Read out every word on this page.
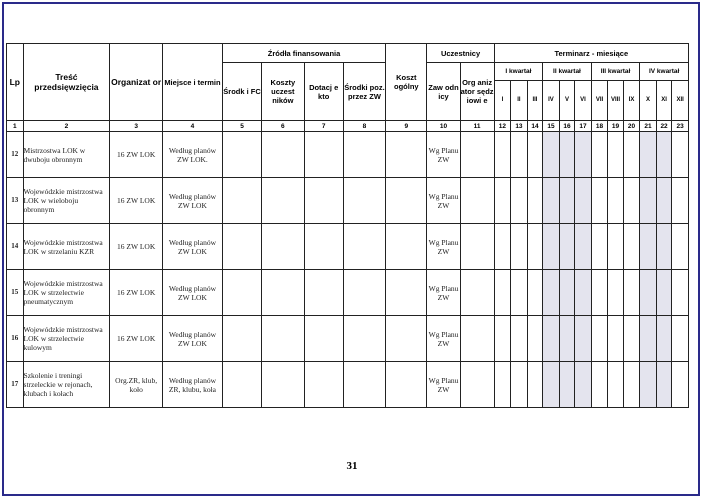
Lp	Treść przedsięwzięcia	Organizat or	Miejsce i termin	Źródła finansowania				Koszt ogólny	Uczestnicy		Terminarz - miesiące											
				Środk i FC	Koszty uczest ników	Dotacj e kto	Środki poz. przez ZW		Zaw odn icy	Org aniz ator sędz iowi e	I kwartał			II kwartał			III kwartał			IV kwartał		
											I	II	III	IV	V	VI	VII	VIII	IX	X	XI	XII
1	2	3	4	5	6	7	8	9	10	11	12	13	14	15	16	17	18	19	20	21	22	23
12	Mistrzostwa LOK w dwuboju obronnym	16 ZW LOK	Według planów ZW LOK.						Wg Planu ZW													
13	Wojewódzkie mistrzostwa LOK w wieloboju obronnym	16 ZW LOK	Według planów ZW LOK						Wg Planu ZW													
14	Wojewódzkie mistrzostwa LOK w strzelaniu KZR	16 ZW LOK	Według planów ZW LOK						Wg Planu ZW													
15	Wojewódzkie mistrzostwa LOK w strzelectwie pneumatycznym	16 ZW LOK	Według planów ZW LOK						Wg Planu ZW													
16	Wojewódzkie mistrzostwa LOK w strzelectwie kulowym	16 ZW LOK	Według planów ZW LOK						Wg Planu ZW													
17	Szkolenie i treningi strzeleckie w rejonach, klubach i kołach	Org.ZR, klub, koło	Według planów ZR, klubu, koła						Wg Planu ZW													
31
